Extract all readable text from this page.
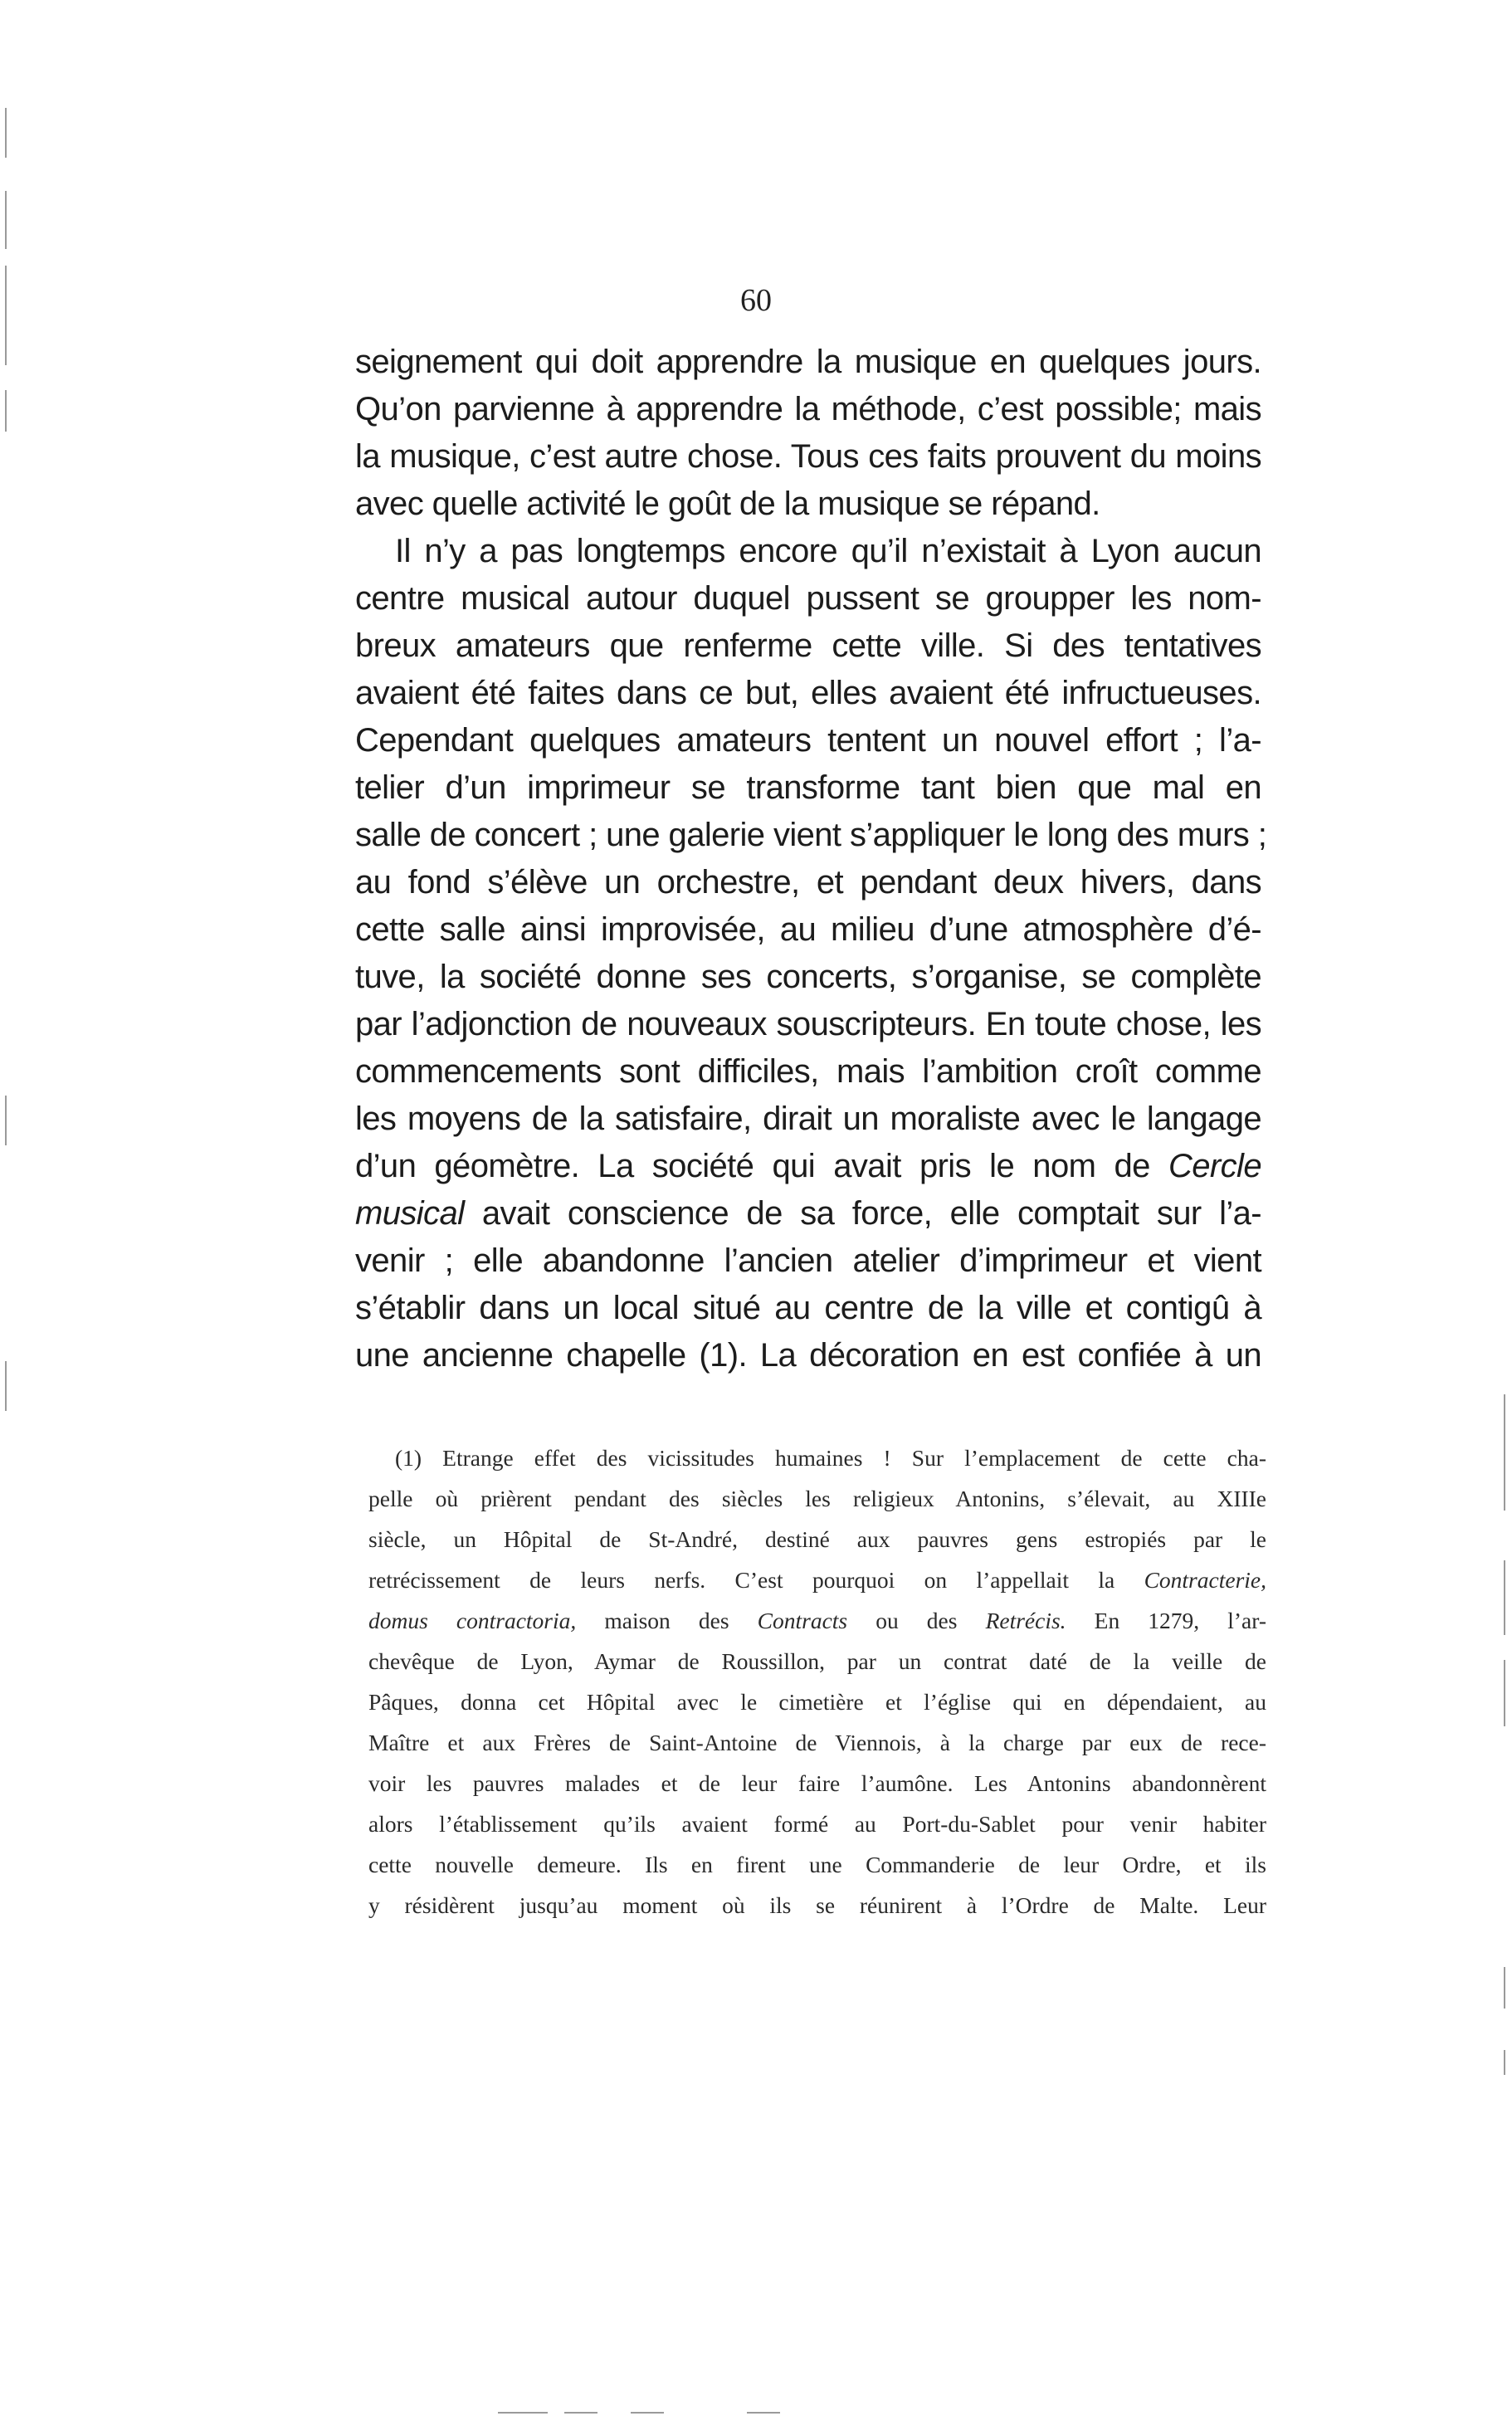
60
seignement qui doit apprendre la musique en quelques jours.
Qu’on parvienne à apprendre la méthode, c’est possible; mais
la musique, c’est autre chose. Tous ces faits prouvent du moins
avec quelle activité le goût de la musique se répand.
Il n’y a pas longtemps encore qu’il n’existait à Lyon aucun
centre musical autour duquel pussent se groupper les nom-
breux amateurs que renferme cette ville. Si des tentatives
avaient été faites dans ce but, elles avaient été infructueuses.
Cependant quelques amateurs tentent un nouvel effort ; l’a-
telier d’un imprimeur se transforme tant bien que mal en
salle de concert ; une galerie vient s’appliquer le long des murs ;
au fond s’élève un orchestre, et pendant deux hivers, dans
cette salle ainsi improvisée, au milieu d’une atmosphère d’é-
tuve, la société donne ses concerts, s’organise, se complète
par l’adjonction de nouveaux souscripteurs. En toute chose, les
commencements sont difficiles, mais l’ambition croît comme
les moyens de la satisfaire, dirait un moraliste avec le langage
d’un géomètre. La société qui avait pris le nom de Cercle
musical avait conscience de sa force, elle comptait sur l’a-
venir ; elle abandonne l’ancien atelier d’imprimeur et vient
s’établir dans un local situé au centre de la ville et contigû à
une ancienne chapelle (1). La décoration en est confiée à un
(1) Etrange effet des vicissitudes humaines ! Sur l’emplacement de cette cha-
pelle où prièrent pendant des siècles les religieux Antonins, s’élevait, au XIIIe
siècle, un Hôpital de St-André, destiné aux pauvres gens estropiés par le
retrécissement de leurs nerfs. C’est pourquoi on l’appellait la Contracterie,
domus contractoria, maison des Contracts ou des Retrécis. En 1279, l’ar-
chevêque de Lyon, Aymar de Roussillon, par un contrat daté de la veille de
Pâques, donna cet Hôpital avec le cimetière et l’église qui en dépendaient, au
Maître et aux Frères de Saint-Antoine de Viennois, à la charge par eux de rece-
voir les pauvres malades et de leur faire l’aumône. Les Antonins abandonnèrent
alors l’établissement qu’ils avaient formé au Port-du-Sablet pour venir habiter
cette nouvelle demeure. Ils en firent une Commanderie de leur Ordre, et ils
y résidèrent jusqu’au moment où ils se réunirent à l’Ordre de Malte. Leur
